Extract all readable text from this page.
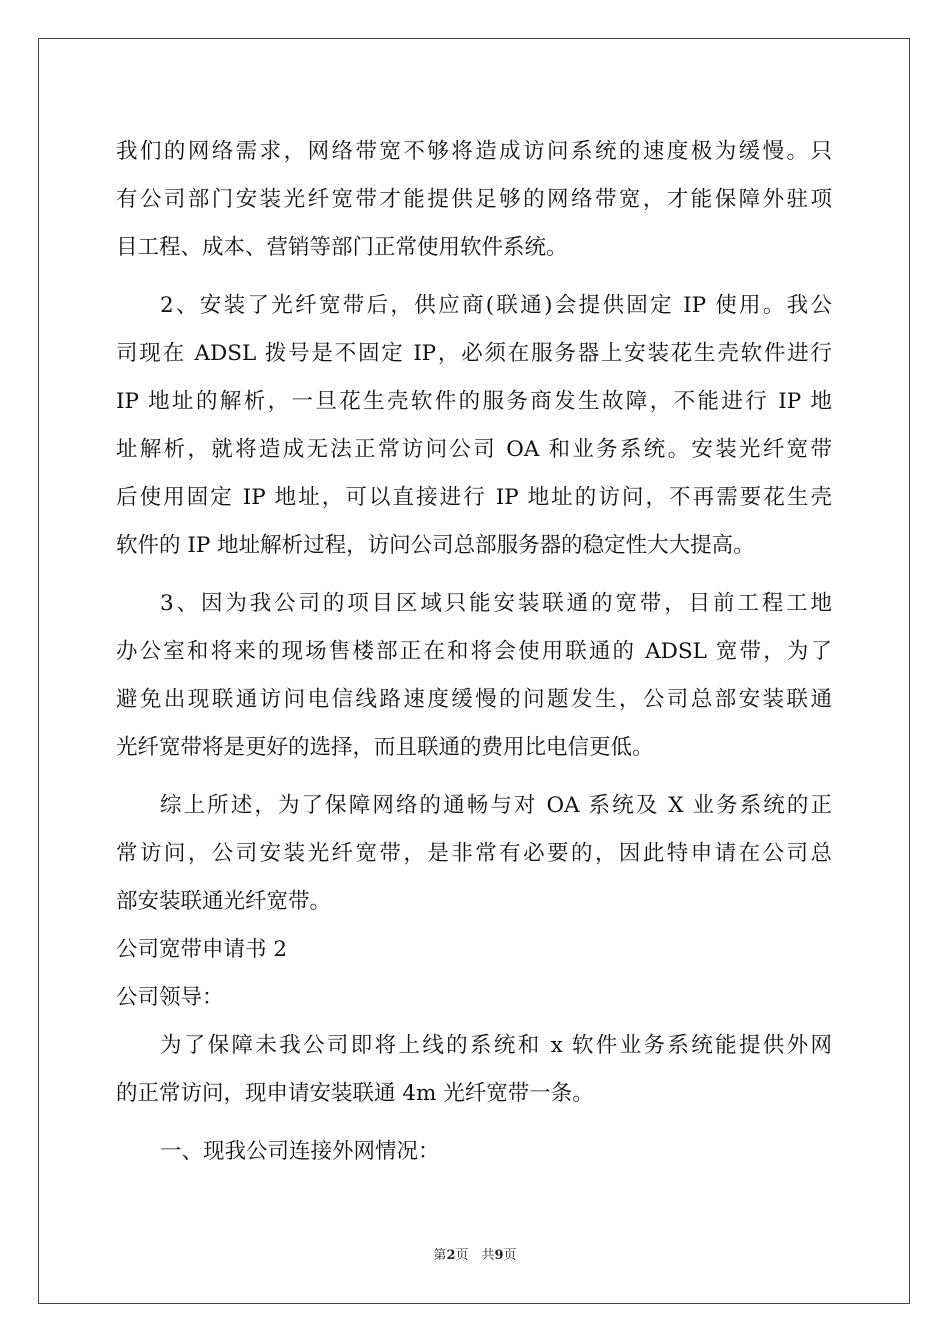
我们的网络需求，网络带宽不够将造成访问系统的速度极为缓慢。只
有公司部门安装光纤宽带才能提供足够的网络带宽，才能保障外驻项
目工程、成本、营销等部门正常使用软件系统。
2、安装了光纤宽带后，供应商(联通)会提供固定 IP 使用。我公
司现在 ADSL 拨号是不固定 IP，必须在服务器上安装花生壳软件进行
IP 地址的解析，一旦花生壳软件的服务商发生故障，不能进行 IP 地
址解析，就将造成无法正常访问公司 OA 和业务系统。安装光纤宽带
后使用固定 IP 地址，可以直接进行 IP 地址的访问，不再需要花生壳
软件的 IP 地址解析过程，访问公司总部服务器的稳定性大大提高。
3、因为我公司的项目区域只能安装联通的宽带，目前工程工地
办公室和将来的现场售楼部正在和将会使用联通的 ADSL 宽带，为了
避免出现联通访问电信线路速度缓慢的问题发生，公司总部安装联通
光纤宽带将是更好的选择，而且联通的费用比电信更低。
综上所述，为了保障网络的通畅与对 OA 系统及 X 业务系统的正
常访问，公司安装光纤宽带，是非常有必要的，因此特申请在公司总
部安装联通光纤宽带。
公司宽带申请书 2
公司领导：
为了保障未我公司即将上线的系统和 x 软件业务系统能提供外网
的正常访问，现申请安装联通 4m 光纤宽带一条。
一、现我公司连接外网情况：
第2页　共9页
